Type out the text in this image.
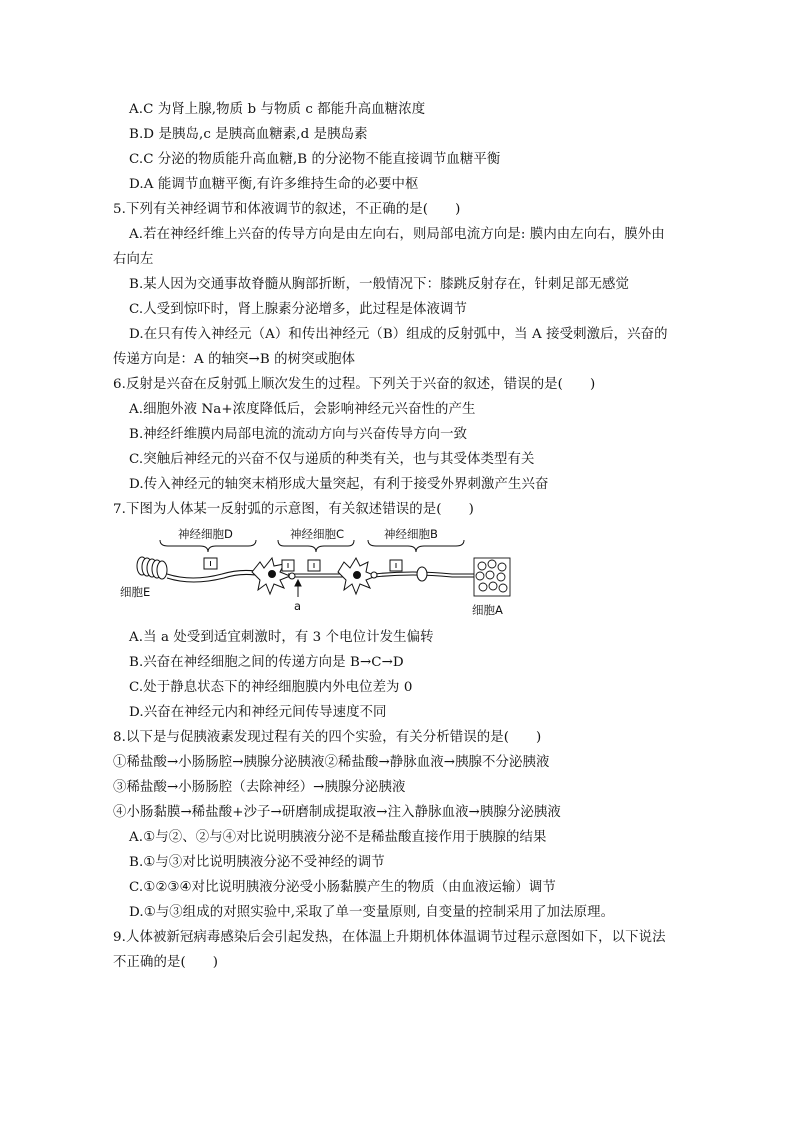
A.C 为肾上腺,物质 b 与物质 c 都能升高血糖浓度
B.D 是胰岛,c 是胰高血糖素,d 是胰岛素
C.C 分泌的物质能升高血糖,B 的分泌物不能直接调节血糖平衡
D.A 能调节血糖平衡,有许多维持生命的必要中枢
5.下列有关神经调节和体液调节的叙述，不正确的是(　　)
A.若在神经纤维上兴奋的传导方向是由左向右，则局部电流方向是: 膜内由左向右，膜外由
右向左
B.某人因为交通事故脊髓从胸部折断，一般情况下：膝跳反射存在，针刺足部无感觉
C.人受到惊吓时，肾上腺素分泌增多，此过程是体液调节
D.在只有传入神经元（A）和传出神经元（B）组成的反射弧中，当 A 接受刺激后，兴奋的
传递方向是：A 的轴突→B 的树突或胞体
6.反射是兴奋在反射弧上顺次发生的过程。下列关于兴奋的叙述，错误的是(　　)
A.细胞外液 Na+浓度降低后，会影响神经元兴奋性的产生
B.神经纤维膜内局部电流的流动方向与兴奋传导方向一致
C.突触后神经元的兴奋不仅与递质的种类有关，也与其受体类型有关
D.传入神经元的轴突末梢形成大量突起，有利于接受外界刺激产生兴奋
7.下图为人体某一反射弧的示意图，有关叙述错误的是(　　)
神经细胞D	神经细胞C	神经细胞B
a
细胞E
细胞A
A.当 a 处受到适宜刺激时，有 3 个电位计发生偏转
B.兴奋在神经细胞之间的传递方向是 B→C→D
C.处于静息状态下的神经细胞膜内外电位差为 0
D.兴奋在神经元内和神经元间传导速度不同
8.以下是与促胰液素发现过程有关的四个实验，有关分析错误的是(　　)
①稀盐酸→小肠肠腔→胰腺分泌胰液②稀盐酸→静脉血液→胰腺不分泌胰液
③稀盐酸→小肠肠腔（去除神经）→胰腺分泌胰液
④小肠黏膜→稀盐酸+沙子→研磨制成提取液→注入静脉血液→胰腺分泌胰液
A.①与②、②与④对比说明胰液分泌不是稀盐酸直接作用于胰腺的结果
B.①与③对比说明胰液分泌不受神经的调节
C.①②③④对比说明胰液分泌受小肠黏膜产生的物质（由血液运输）调节
D.①与③组成的对照实验中,采取了单一变量原则, 自变量的控制采用了加法原理。
9.人体被新冠病毒感染后会引起发热，在体温上升期机体体温调节过程示意图如下，以下说法
不正确的是(　　)
